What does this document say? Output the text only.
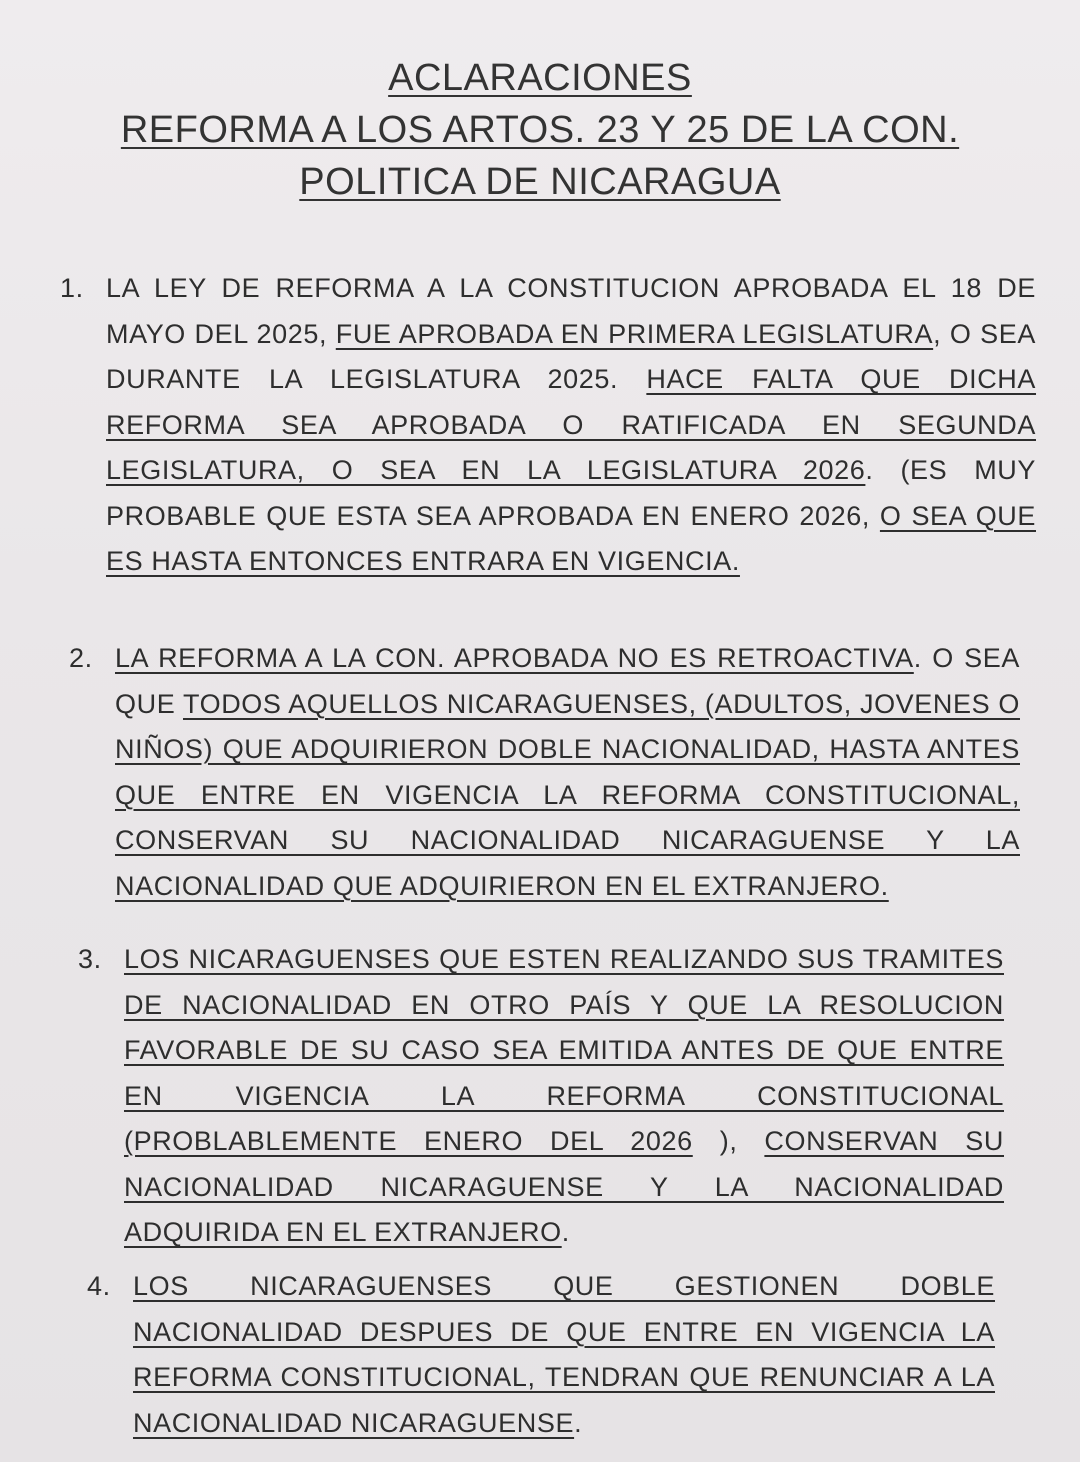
ACLARACIONES
REFORMA A LOS ARTOS. 23 Y 25 DE LA CON.
POLITICA DE NICARAGUA
1. LA LEY DE REFORMA A LA CONSTITUCION APROBADA EL 18 DE MAYO DEL 2025, FUE APROBADA EN PRIMERA LEGISLATURA, O SEA DURANTE LA LEGISLATURA 2025. HACE FALTA QUE DICHA REFORMA SEA APROBADA O RATIFICADA EN SEGUNDA LEGISLATURA, O SEA EN LA LEGISLATURA 2026. (ES MUY PROBABLE QUE ESTA SEA APROBADA EN ENERO 2026, O SEA QUE ES HASTA ENTONCES ENTRARA EN VIGENCIA.
2. LA REFORMA A LA CON. APROBADA NO ES RETROACTIVA. O SEA QUE TODOS AQUELLOS NICARAGUENSES, (ADULTOS, JOVENES O NIÑOS) QUE ADQUIRIERON DOBLE NACIONALIDAD, HASTA ANTES QUE ENTRE EN VIGENCIA LA REFORMA CONSTITUCIONAL, CONSERVAN SU NACIONALIDAD NICARAGUENSE Y LA NACIONALIDAD QUE ADQUIRIERON EN EL EXTRANJERO.
3. LOS NICARAGUENSES QUE ESTEN REALIZANDO SUS TRAMITES DE NACIONALIDAD EN OTRO PAÍS Y QUE LA RESOLUCION FAVORABLE DE SU CASO SEA EMITIDA ANTES DE QUE ENTRE EN VIGENCIA LA REFORMA CONSTITUCIONAL (PROBLABLEMENTE ENERO DEL 2026 ), CONSERVAN SU NACIONALIDAD NICARAGUENSE Y LA NACIONALIDAD ADQUIRIDA EN EL EXTRANJERO.
4. LOS NICARAGUENSES QUE GESTIONEN DOBLE NACIONALIDAD DESPUES DE QUE ENTRE EN VIGENCIA LA REFORMA CONSTITUCIONAL, TENDRAN QUE RENUNCIAR A LA NACIONALIDAD NICARAGUENSE.
